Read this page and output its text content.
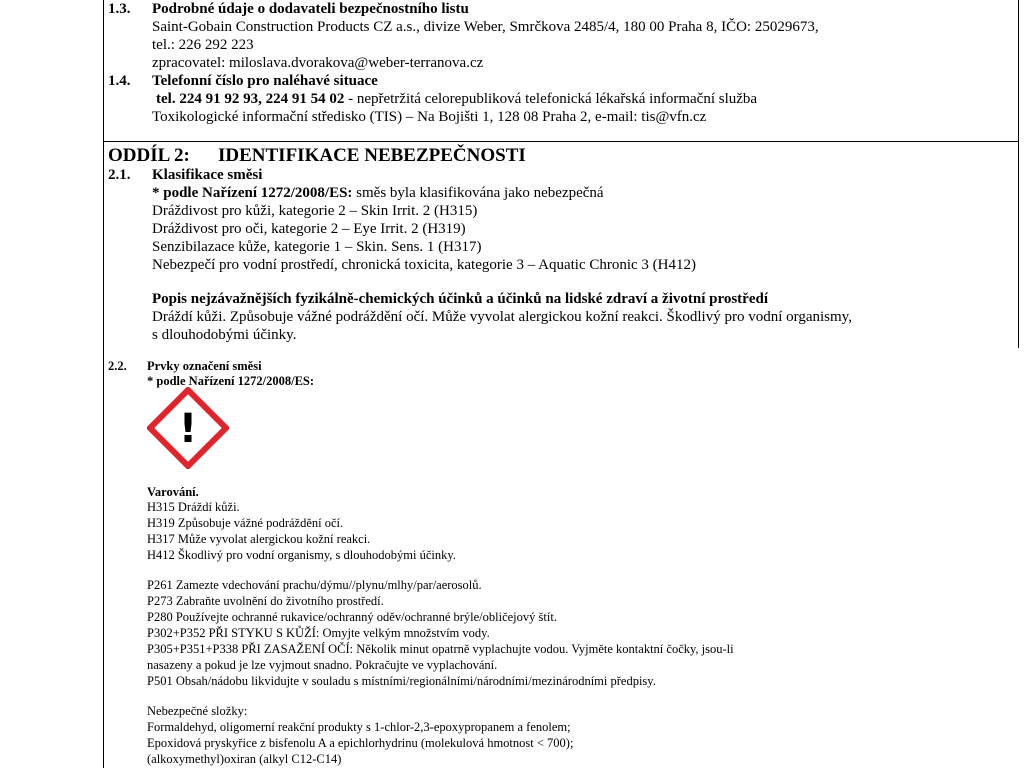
1.3. Podrobné údaje o dodavateli bezpečnostního listu
Saint-Gobain Construction Products CZ a.s., divize Weber, Smrčkova 2485/4, 180 00 Praha 8, IČO: 25029673,
tel.: 226 292 223
zpracovatel: miloslava.dvorakova@weber-terranova.cz
1.4. Telefonní číslo pro naléhavé situace
tel. 224 91 92 93, 224 91 54 02 - nepřetržitá celorepubliková telefonická lékařská informační služba
Toxikologické informační středisko (TIS) – Na Bojišti 1, 128 08 Praha 2, e-mail: tis@vfn.cz
ODDÍL 2: IDENTIFIKACE NEBEZPEČNOSTI
2.1. Klasifikace směsi
* podle Nařízení 1272/2008/ES: směs byla klasifikována jako nebezpečná
Dráždivost pro kůži, kategorie 2 – Skin Irrit. 2 (H315)
Dráždivost pro oči, kategorie 2 – Eye Irrit. 2 (H319)
Senzibilazace kůže, kategorie 1 – Skin. Sens. 1 (H317)
Nebezpečí pro vodní prostředí, chronická toxicita, kategorie 3 – Aquatic Chronic 3 (H412)
Popis nejzávažnějších fyzikálně-chemických účinků a účinků na lidské zdraví a životní prostředí
Dráždí kůži. Způsobuje vážné podráždění očí. Může vyvolat alergickou kožní reakci. Škodlivý pro vodní organismy,
s dlouhodobými účinky.
2.2. Prvky označení směsi
* podle Nařízení 1272/2008/ES:
!
Varování.
H315 Dráždí kůži.
H319 Způsobuje vážné podráždění očí.
H317 Může vyvolat alergickou kožní reakci.
H412 Škodlivý pro vodní organismy, s dlouhodobými účinky.
P261 Zamezte vdechování prachu/dýmu//plynu/mlhy/par/aerosolů.
P273 Zabraňte uvolnění do životního prostředí.
P280 Používejte ochranné rukavice/ochranný oděv/ochranné brýle/obličejový štít.
P302+P352 PŘI STYKU S KŮŽÍ: Omyjte velkým množstvím vody.
P305+P351+P338 PŘI ZASAŽENÍ OČÍ: Několik minut opatrně vyplachujte vodou. Vyjměte kontaktní čočky, jsou-li
nasazeny a pokud je lze vyjmout snadno. Pokračujte ve vyplachování.
P501 Obsah/nádobu likvidujte v souladu s místními/regionálními/národními/mezinárodními předpisy.
Nebezpečné složky:
Formaldehyd, oligomerní reakční produkty s 1-chlor-2,3-epoxypropanem a fenolem;
Epoxidová pryskyřice z bisfenolu A a epichlorhydrinu (molekulová hmotnost < 700);
(alkoxymethyl)oxiran (alkyl C12-C14)
